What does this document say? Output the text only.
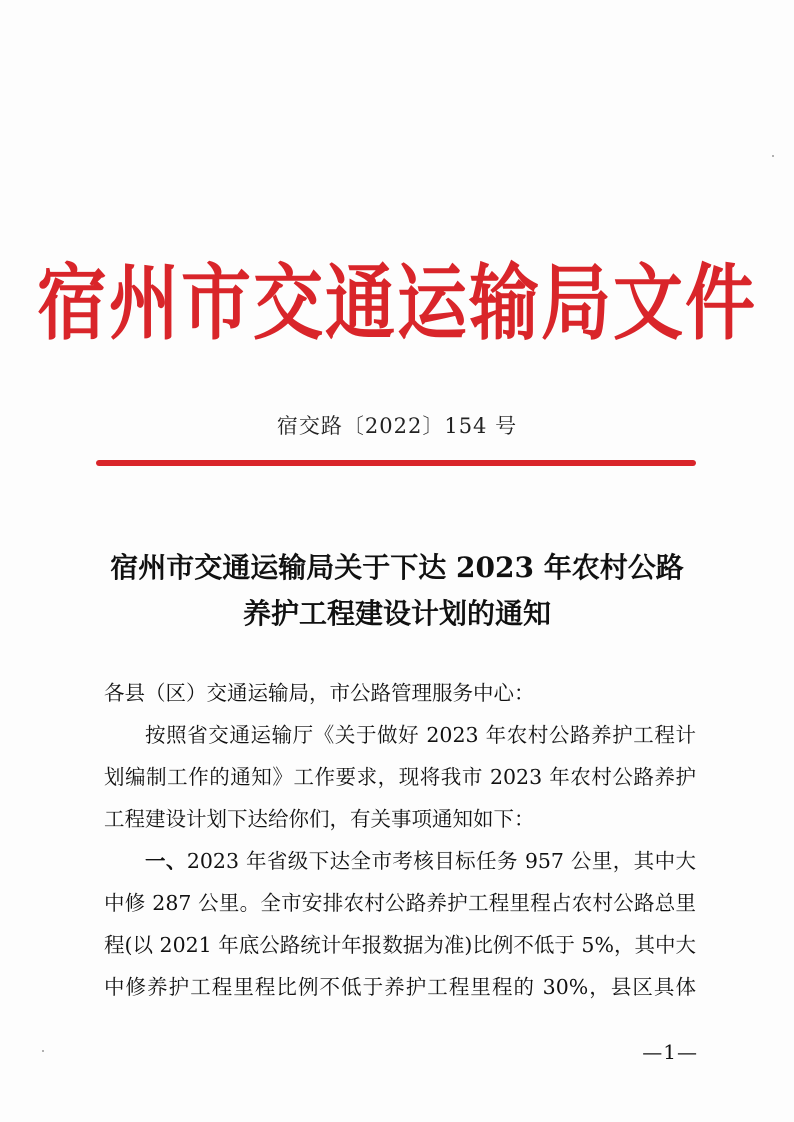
宿州市交通运输局文件
宿交路〔2022〕154 号
宿州市交通运输局关于下达 2023 年农村公路
养护工程建设计划的通知

各县（区）交通运输局，市公路管理服务中心：

按照省交通运输厅《关于做好 2023 年农村公路养护工程计
划编制工作的通知》工作要求，现将我市 2023 年农村公路养护
工程建设计划下达给你们，有关事项通知如下：

一、2023 年省级下达全市考核目标任务 957 公里，其中大
中修 287 公里。全市安排农村公路养护工程里程占农村公路总里
程(以 2021 年底公路统计年报数据为准)比例不低于 5%，其中大
中修养护工程里程比例不低于养护工程里程的 30%，县区具体

—1—
